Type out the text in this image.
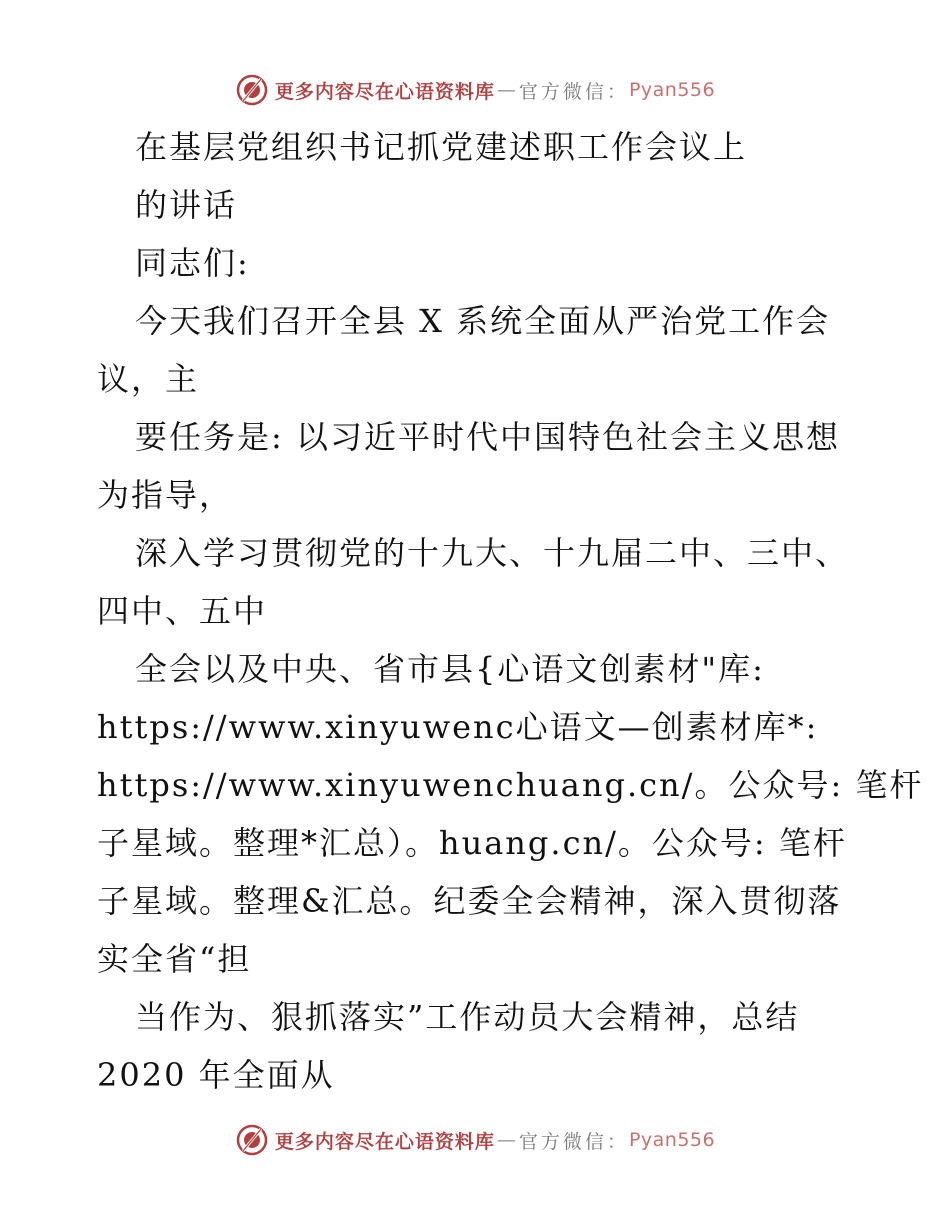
更多内容尽在心语资料库 — 官方微信： Pyan556
在基层党组织书记抓党建述职工作会议上
的讲话
同志们:
今天我们召开全县 X 系统全面从严治党工作会
议，主
要任务是: 以习近平时代中国特色社会主义思想
为指导，
深入学习贯彻党的十九大、十九届二中、三中、
四中、五中
全会以及中央、省市县{心语文创素材"库:
https://www.xinyuwenc心语文—创素材库*:
https://www.xinyuwenchuang.cn/。公众号: 笔杆
子星域。整理*汇总）。huang.cn/。公众号: 笔杆
子星域。整理&汇总。纪委全会精神，深入贯彻落
实全省“担
当作为、狠抓落实”工作动员大会精神，总结
2020 年全面从
更多内容尽在心语资料库 — 官方微信： Pyan556
